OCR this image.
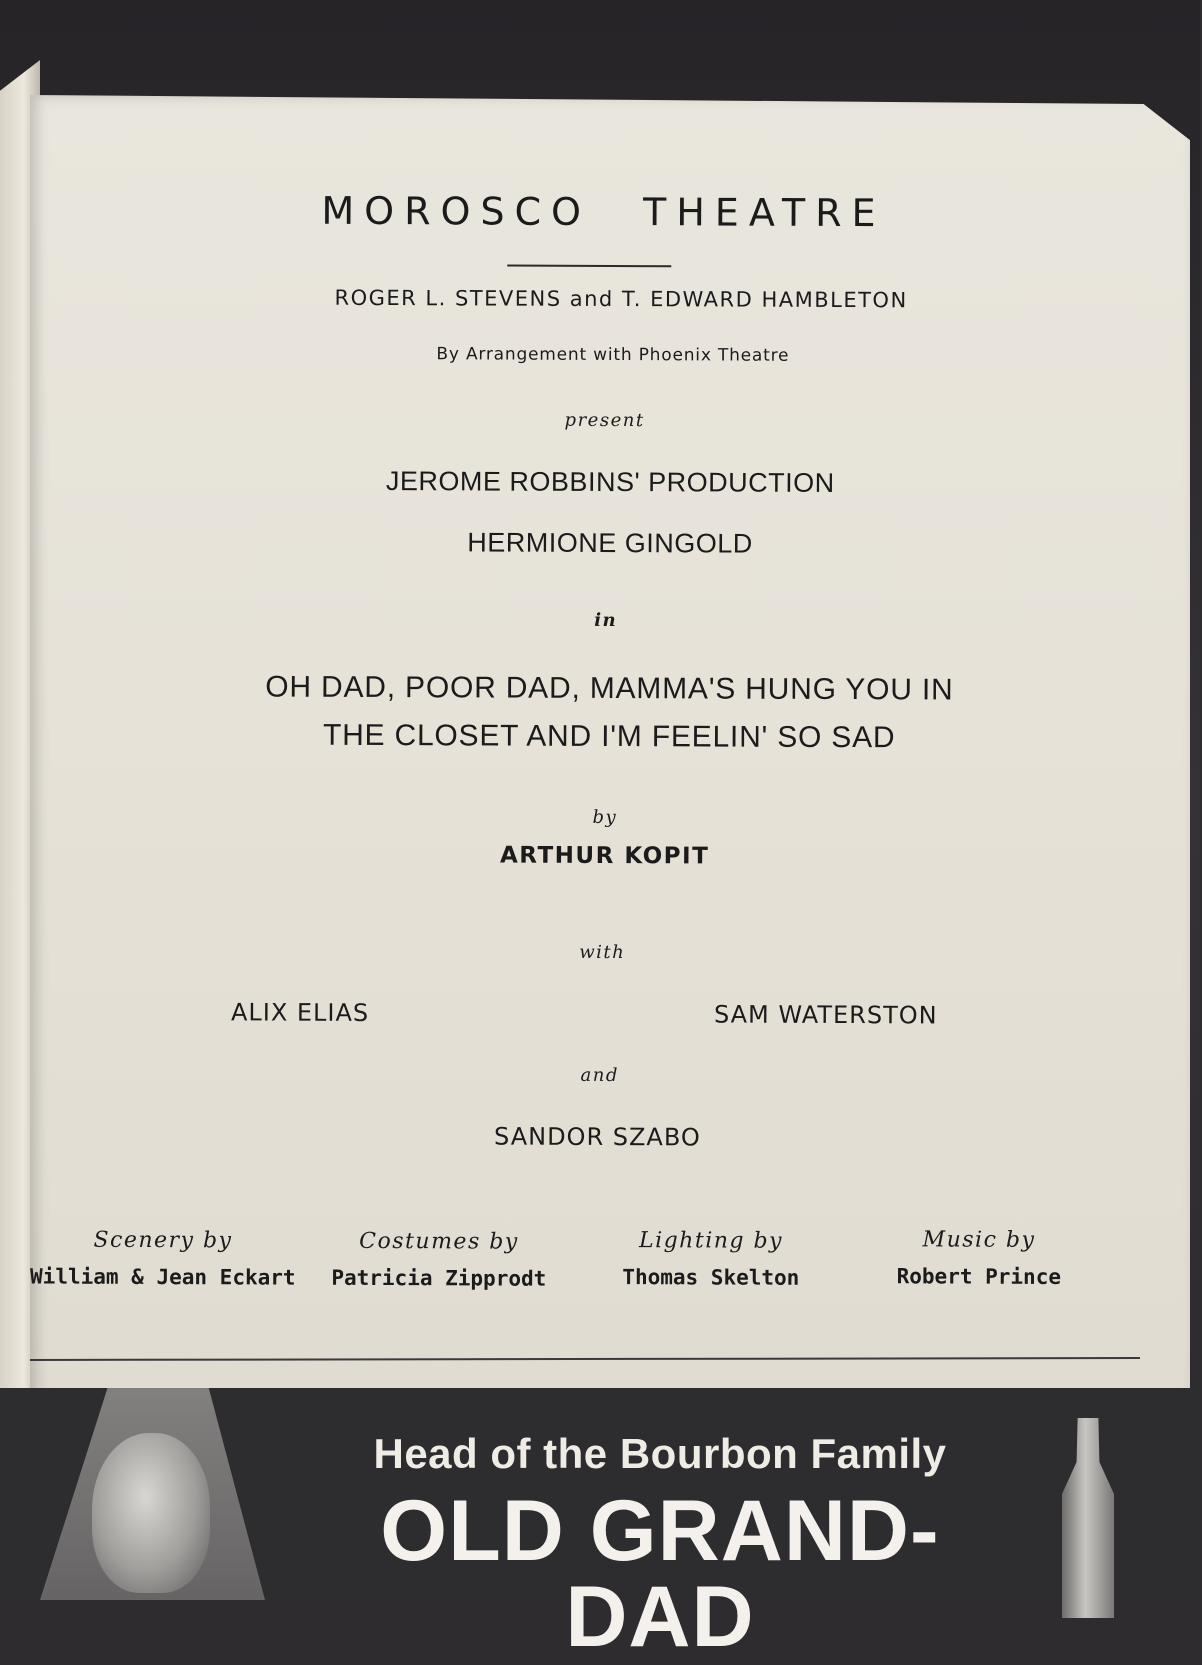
MOROSCO THEATRE
ROGER L. STEVENS and T. EDWARD HAMBLETON
By Arrangement with Phoenix Theatre
present
JEROME ROBBINS' PRODUCTION
HERMIONE GINGOLD
in
OH DAD, POOR DAD, MAMMA'S HUNG YOU IN
THE CLOSET AND I'M FEELIN' SO SAD
by
ARTHUR KOPIT
with
ALIX ELIAS	SAM WATERSTON
and
SANDOR SZABO
Scenery by
William & Jean Eckart
Costumes by
Patricia Zipprodt
Lighting by
Thomas Skelton
Music by
Robert Prince
Head of the Bourbon Family
OLD GRAND-DAD
